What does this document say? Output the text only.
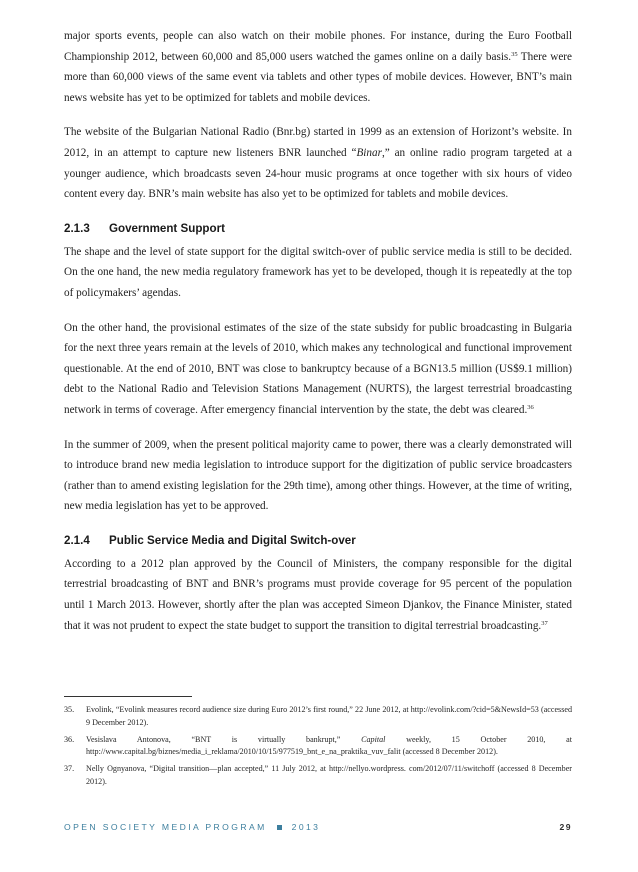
major sports events, people can also watch on their mobile phones. For instance, during the Euro Football Championship 2012, between 60,000 and 85,000 users watched the games online on a daily basis.$^{35}$ There were more than 60,000 views of the same event via tablets and other types of mobile devices. However, BNT’s main news website has yet to be optimized for tablets and mobile devices.

The website of the Bulgarian National Radio (Bnr.bg) started in 1999 as an extension of Horizont’s website. In 2012, in an attempt to capture new listeners BNR launched “Binar,” an online radio program targeted at a younger audience, which broadcasts seven 24-hour music programs at once together with six hours of video content every day. BNR’s main website has also yet to be optimized for tablets and mobile devices.

2.1.3 Government Support

The shape and the level of state support for the digital switch-over of public service media is still to be decided. On the one hand, the new media regulatory framework has yet to be developed, though it is repeatedly at the top of policymakers’ agendas.

On the other hand, the provisional estimates of the size of the state subsidy for public broadcasting in Bulgaria for the next three years remain at the levels of 2010, which makes any technological and functional improvement questionable. At the end of 2010, BNT was close to bankruptcy because of a BGN13.5 million (US$9.1 million) debt to the National Radio and Television Stations Management (NURTS), the largest terrestrial broadcasting network in terms of coverage. After emergency financial intervention by the state, the debt was cleared.$^{36}$

In the summer of 2009, when the present political majority came to power, there was a clearly demonstrated will to introduce brand new media legislation to introduce support for the digitization of public service broadcasters (rather than to amend existing legislation for the 29th time), among other things. However, at the time of writing, new media legislation has yet to be approved.

2.1.4 Public Service Media and Digital Switch-over

According to a 2012 plan approved by the Council of Ministers, the company responsible for the digital terrestrial broadcasting of BNT and BNR’s programs must provide coverage for 95 percent of the population until 1 March 2013. However, shortly after the plan was accepted Simeon Djankov, the Finance Minister, stated that it was not prudent to expect the state budget to support the transition to digital terrestrial broadcasting.$^{37}$

35.	Evolink, “Evolink measures record audience size during Euro 2012’s first round,” 22 June 2012, at http://evolink.com/?cid=5&NewsId=53 (accessed 9 December 2012).
36.	Vesislava Antonova, “BNT is virtually bankrupt,” Capital weekly, 15 October 2010, at http://www.capital.bg/biznes/media_i_reklama/2010/10/15/977519_bnt_e_na_praktika_vuv_falit (accessed 8 December 2012).
37.	Nelly Ognyanova, “Digital transition—plan accepted,” 11 July 2012, at http://nellyo.wordpress. com/2012/07/11/switchoff (accessed 8 December 2012).
OPEN SOCIETY MEDIA PROGRAM	2013	29
